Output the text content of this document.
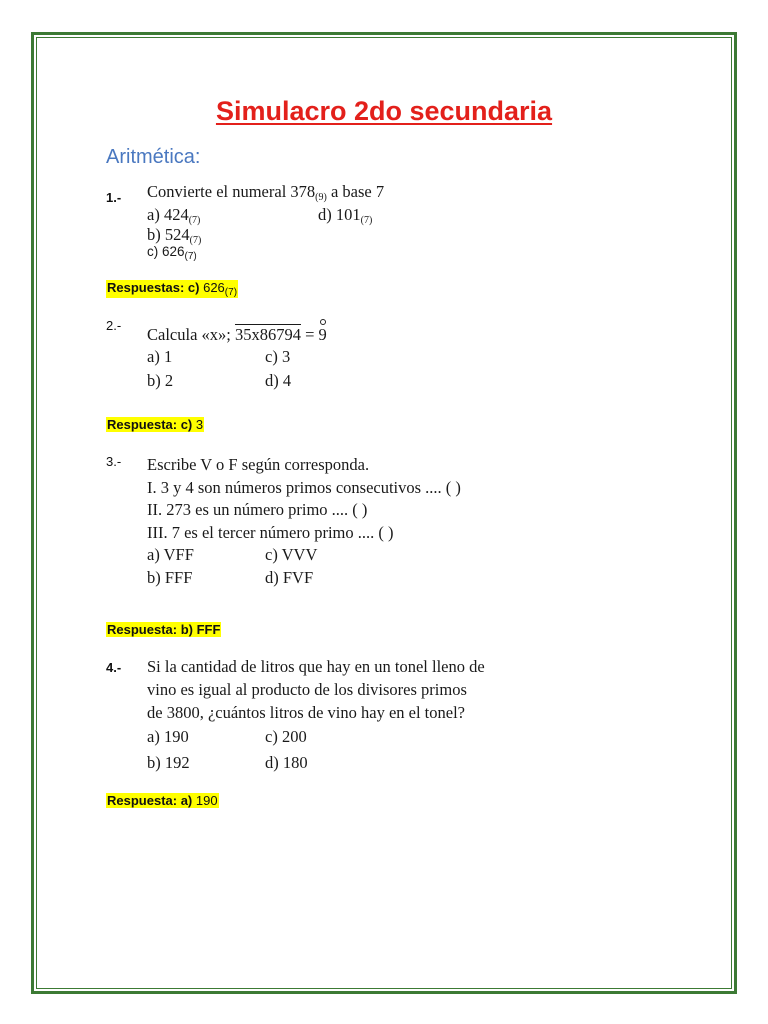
Simulacro 2do secundaria
Aritmética:
1.- Convierte el numeral $378_{(9)}$ a base 7
a) $424_{(7)}$	d) $101_{(7)}$
b) $524_{(7)}$
c) $626_{(7)}$
Respuestas: c) $626_{(7)}$
2.- Calcula «x»; 35x86794 = 9
a) 1	c) 3
b) 2	d) 4
Respuesta: c) 3
3.- Escribe V o F según corresponda.
I. 3 y 4 son números primos consecutivos .... ( )
II. 273 es un número primo .... ( )
III. 7 es el tercer número primo .... ( )
a) VFF	c) VVV
b) FFF	d) FVF
Respuesta: b) FFF
4.- Si la cantidad de litros que hay en un tonel lleno de
vino es igual al producto de los divisores primos
de 3800, ¿cuántos litros de vino hay en el tonel?
a) 190	c) 200
b) 192	d) 180
Respuesta: a) 190
